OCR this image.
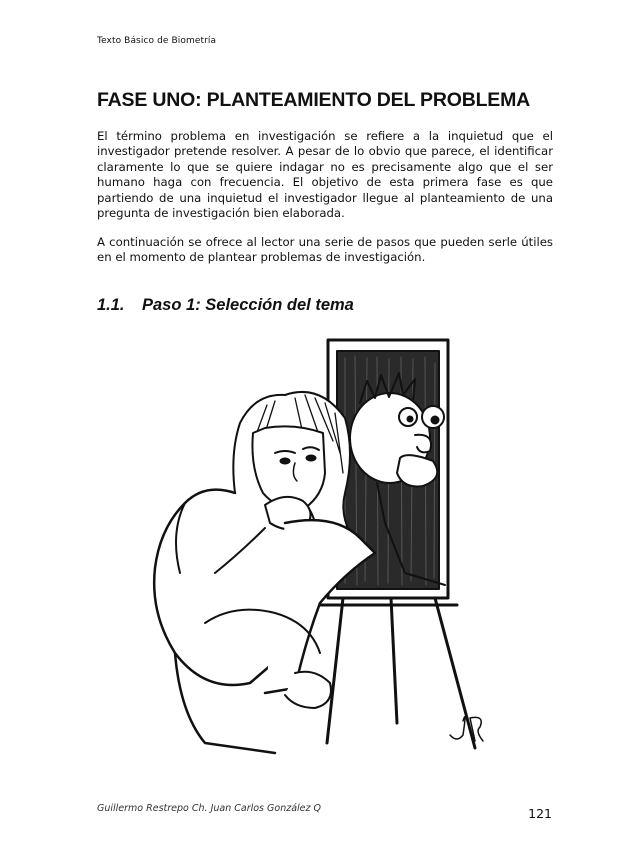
Texto Básico de Biometría
FASE UNO: PLANTEAMIENTO DEL PROBLEMA

El término problema en investigación se refiere a la inquietud que el investigador pretende resolver. A pesar de lo obvio que parece, el identificar claramente lo que se quiere indagar no es precisamente algo que el ser humano haga con frecuencia. El objetivo de esta primera fase es que partiendo de una inquietud el investigador llegue al planteamiento de una pregunta de investigación bien elaborada.

A continuación se ofrece al lector una serie de pasos que pueden serle útiles en el momento de plantear problemas de investigación.

1.1. Paso 1: Selección del tema
Guillermo Restrepo Ch. Juan Carlos González Q	121
